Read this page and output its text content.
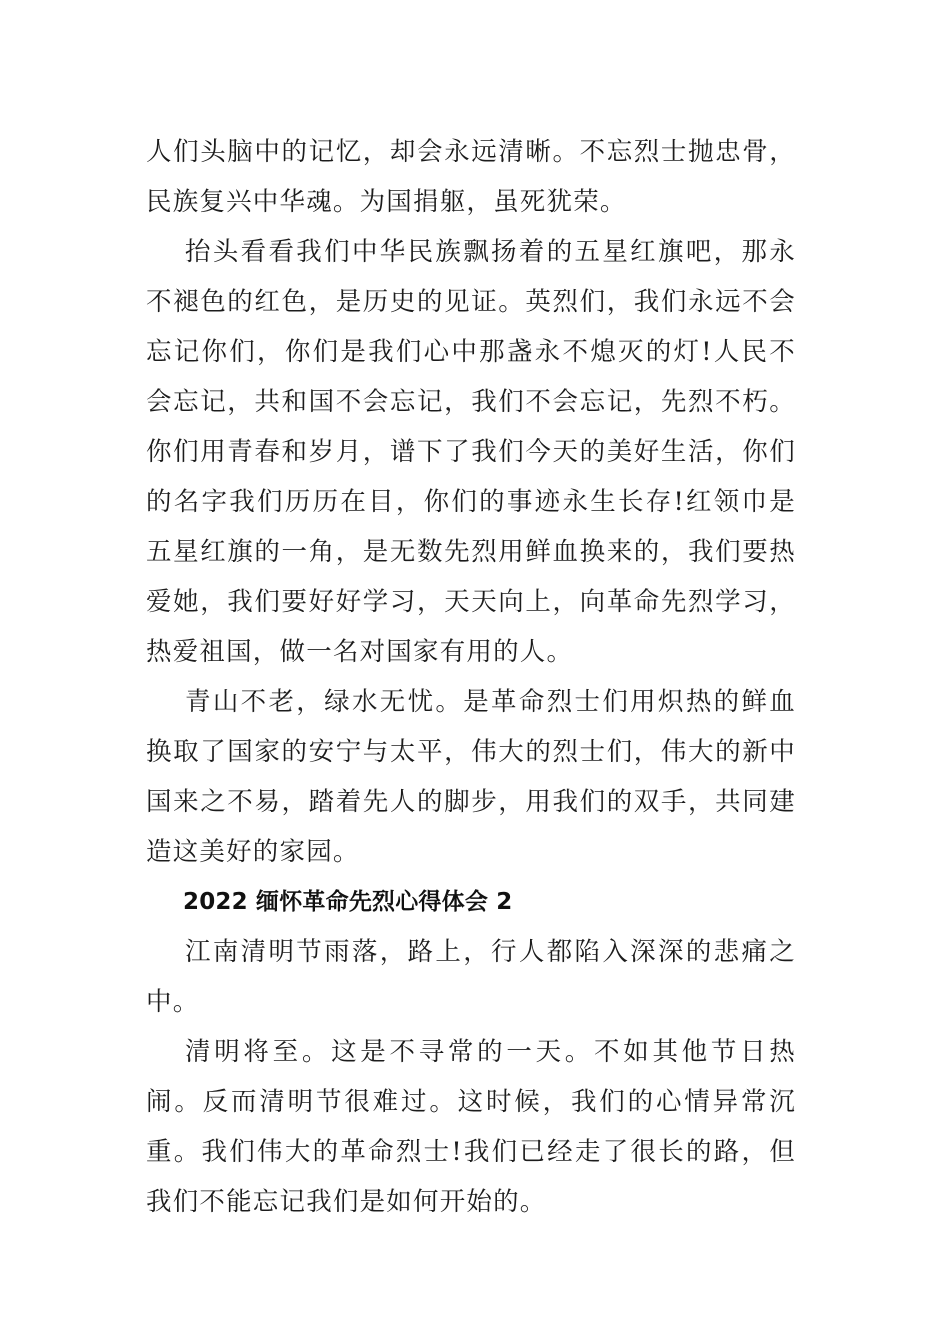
人们头脑中的记忆，却会永远清晰。不忘烈士抛忠骨，民族复兴中华魂。为国捐躯，虽死犹荣。

抬头看看我们中华民族飘扬着的五星红旗吧，那永不褪色的红色，是历史的见证。英烈们，我们永远不会忘记你们，你们是我们心中那盏永不熄灭的灯!人民不会忘记，共和国不会忘记，我们不会忘记，先烈不朽。你们用青春和岁月，谱下了我们今天的美好生活，你们的名字我们历历在目，你们的事迹永生长存!红领巾是五星红旗的一角，是无数先烈用鲜血换来的，我们要热爱她，我们要好好学习，天天向上，向革命先烈学习，热爱祖国，做一名对国家有用的人。

青山不老，绿水无忧。是革命烈士们用炽热的鲜血换取了国家的安宁与太平，伟大的烈士们，伟大的新中国来之不易，踏着先人的脚步，用我们的双手，共同建造这美好的家园。

2022 缅怀革命先烈心得体会 2

江南清明节雨落，路上，行人都陷入深深的悲痛之中。

清明将至。这是不寻常的一天。不如其他节日热闹。反而清明节很难过。这时候，我们的心情异常沉重。我们伟大的革命烈士!我们已经走了很长的路，但我们不能忘记我们是如何开始的。
